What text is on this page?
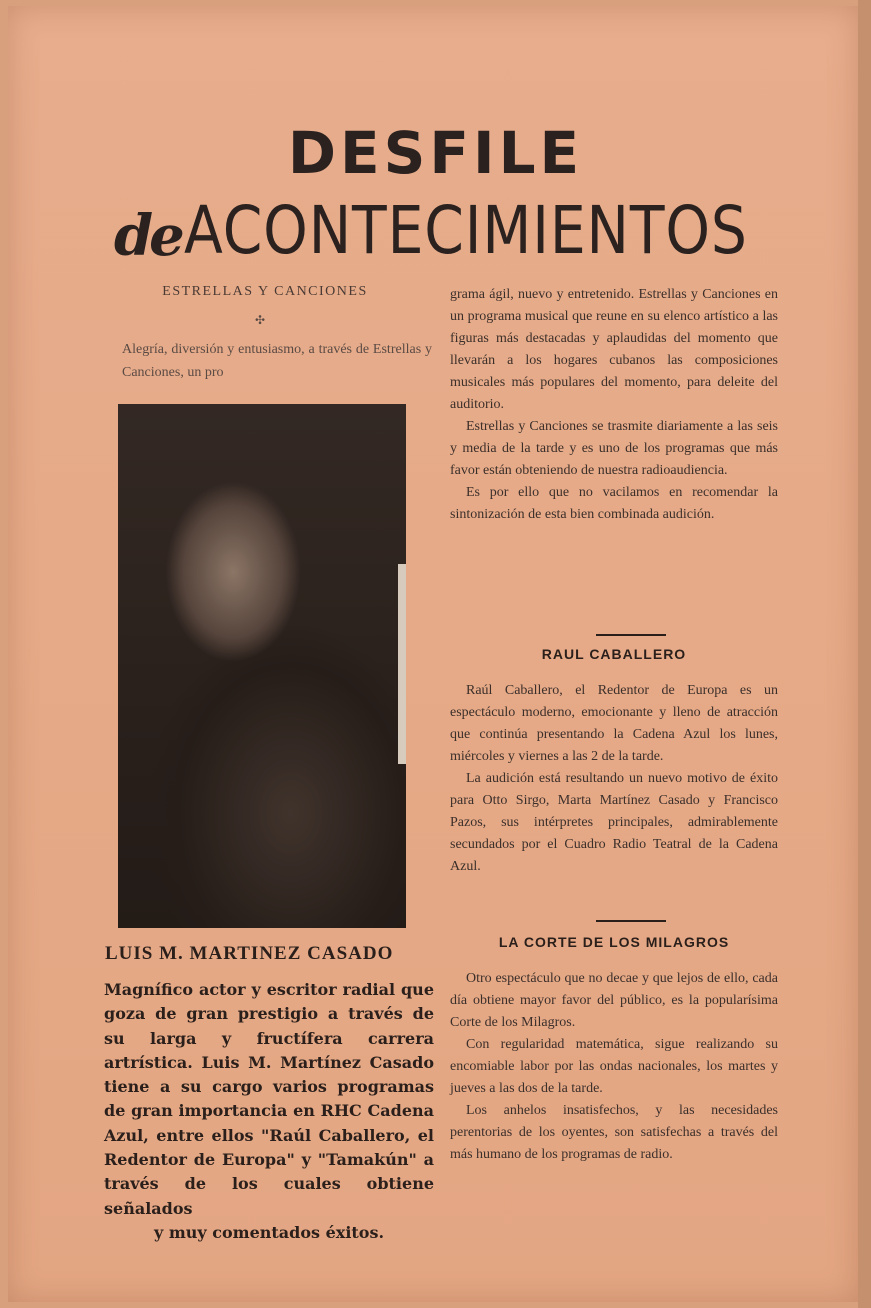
DESFILE
de ACONTECIMIENTOS
ESTRELLAS Y CANCIONES
✣
Alegría, diversión y entusiasmo, a través de Estrellas y Canciones, un pro
LUIS M. MARTINEZ CASADO
Magnífico actor y escritor radial que goza de gran prestigio a través de su larga y fructífera carrera artrística. Luis M. Martínez Casado tiene a su cargo varios programas de gran importancia en RHC Cadena Azul, entre ellos "Raúl Caballero, el Redentor de Europa" y "Tamakún" a través de los cuales obtiene señalados
y muy comentados éxitos.

grama ágil, nuevo y entretenido. Estrellas y Canciones en un programa musical que reune en su elenco artístico a las figuras más destacadas y aplaudidas del momento que llevarán a los hogares cubanos las composiciones musicales más populares del momento, para deleite del auditorio.

Estrellas y Canciones se trasmite diariamente a las seis y media de la tarde y es uno de los programas que más favor están obteniendo de nuestra radioaudiencia.

Es por ello que no vacilamos en recomendar la sintonización de esta bien combinada audición.

RAUL CABALLERO

Raúl Caballero, el Redentor de Europa es un espectáculo moderno, emocionante y lleno de atracción que continúa presentando la Cadena Azul los lunes, miércoles y viernes a las 2 de la tarde.

La audición está resultando un nuevo motivo de éxito para Otto Sirgo, Marta Martínez Casado y Francisco Pazos, sus intérpretes principales, admirablemente secundados por el Cuadro Radio Teatral de la Cadena Azul.

LA CORTE DE LOS MILAGROS

Otro espectáculo que no decae y que lejos de ello, cada día obtiene mayor favor del público, es la popularísima Corte de los Milagros.

Con regularidad matemática, sigue realizando su encomiable labor por las ondas nacionales, los martes y jueves a las dos de la tarde.

Los anhelos insatisfechos, y las necesidades perentorias de los oyentes, son satisfechas a través del más humano de los programas de radio.
